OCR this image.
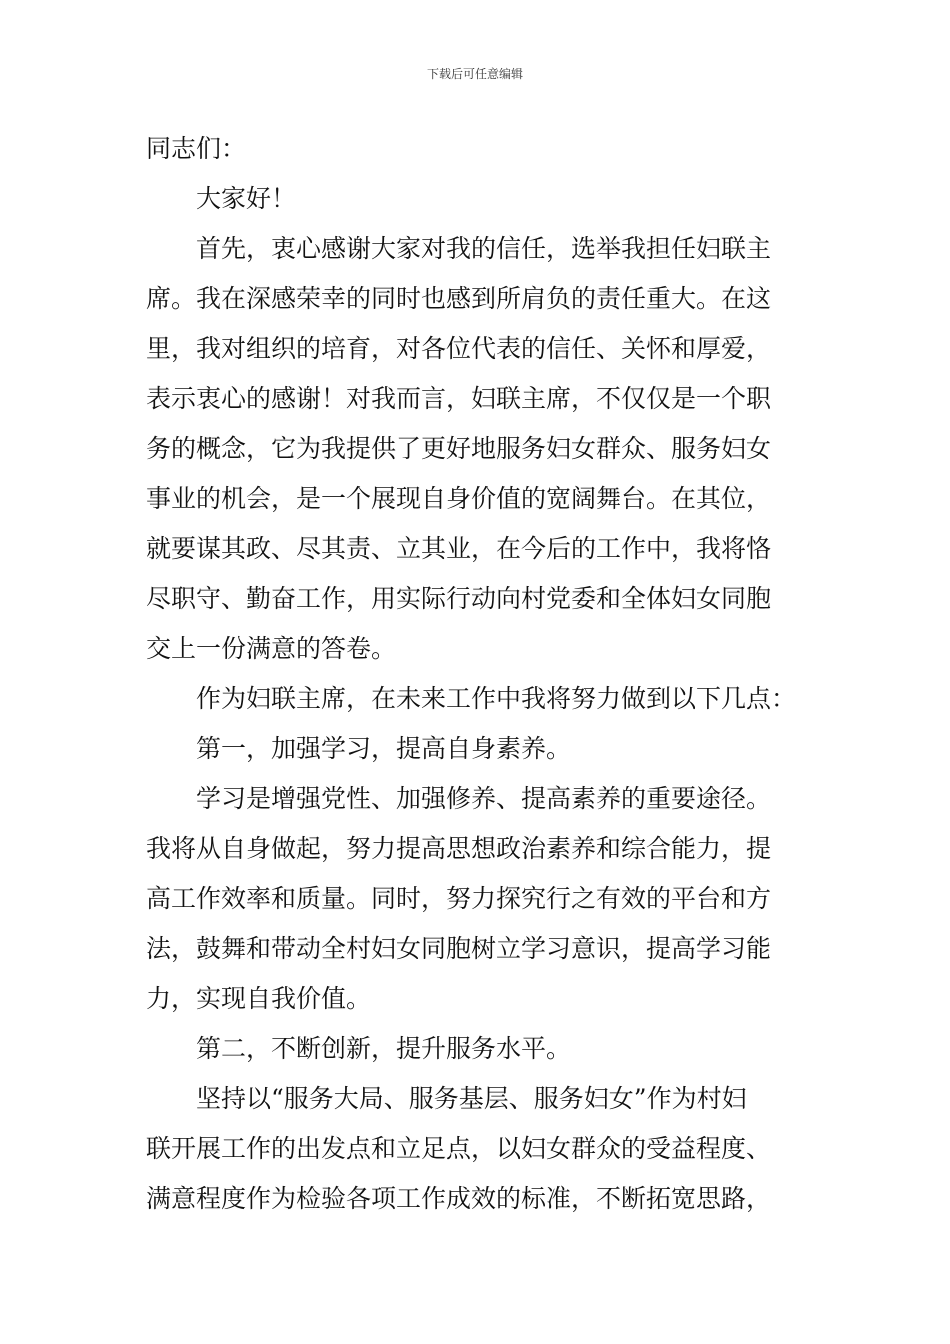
下载后可任意编辑
同志们：
大家好！
首先，衷心感谢大家对我的信任，选举我担任妇联主
席。我在深感荣幸的同时也感到所肩负的责任重大。在这
里，我对组织的培育，对各位代表的信任、关怀和厚爱，
表示衷心的感谢！对我而言，妇联主席，不仅仅是一个职
务的概念，它为我提供了更好地服务妇女群众、服务妇女
事业的机会，是一个展现自身价值的宽阔舞台。在其位，
就要谋其政、尽其责、立其业，在今后的工作中，我将恪
尽职守、勤奋工作，用实际行动向村党委和全体妇女同胞
交上一份满意的答卷。
作为妇联主席，在未来工作中我将努力做到以下几点：
第一，加强学习，提高自身素养。
学习是增强党性、加强修养、提高素养的重要途径。
我将从自身做起，努力提高思想政治素养和综合能力，提
高工作效率和质量。同时，努力探究行之有效的平台和方
法，鼓舞和带动全村妇女同胞树立学习意识，提高学习能
力，实现自我价值。
第二，不断创新，提升服务水平。
坚持以“服务大局、服务基层、服务妇女”作为村妇
联开展工作的出发点和立足点，以妇女群众的受益程度、
满意程度作为检验各项工作成效的标准，不断拓宽思路，
